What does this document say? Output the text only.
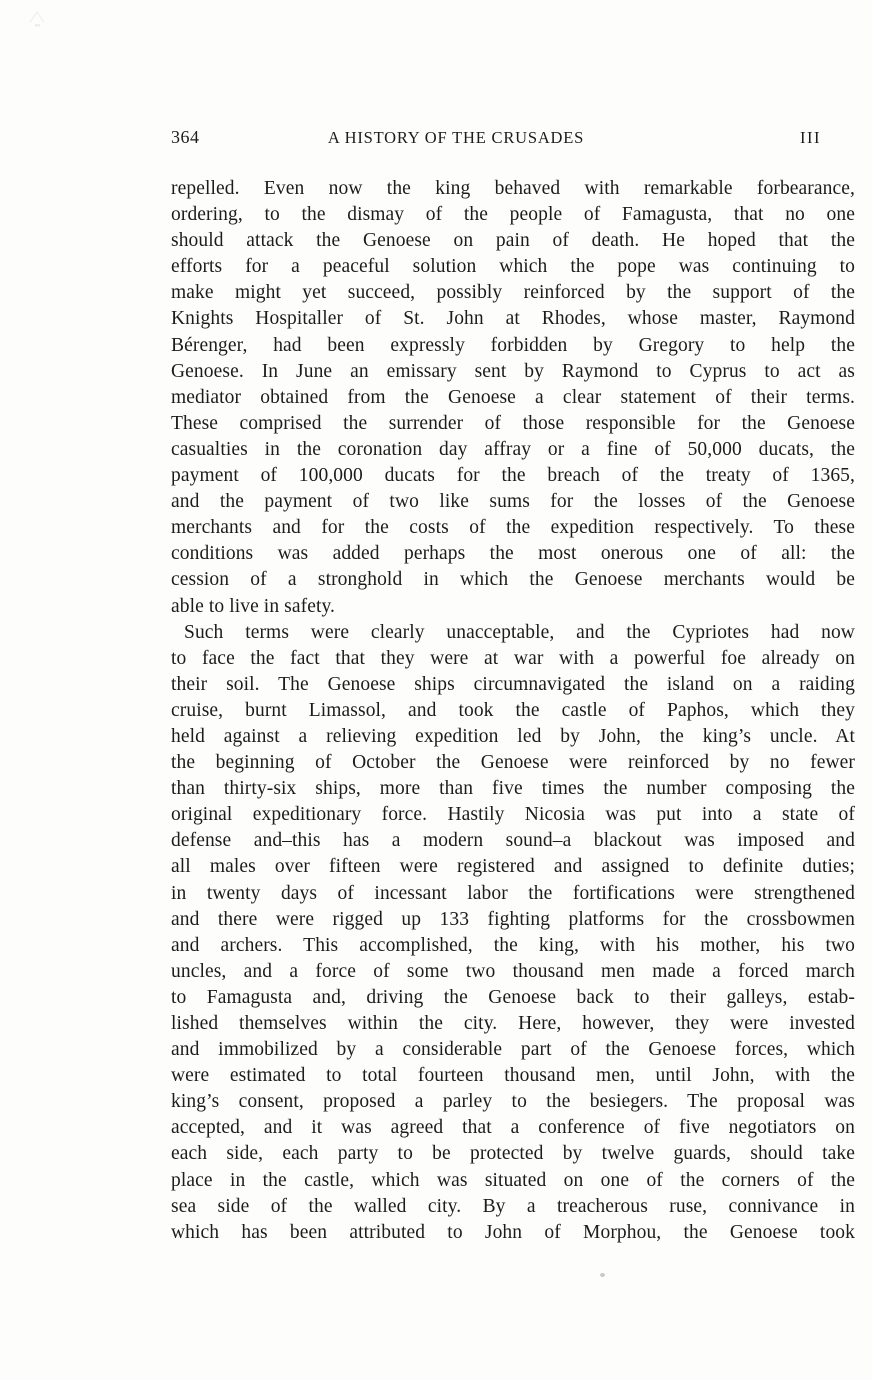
364	A HISTORY OF THE CRUSADES	III
repelled. Even now the king behaved with remarkable forbearance,
ordering, to the dismay of the people of Famagusta, that no one
should attack the Genoese on pain of death. He hoped that the
efforts for a peaceful solution which the pope was continuing to
make might yet succeed, possibly reinforced by the support of the
Knights Hospitaller of St. John at Rhodes, whose master, Raymond
Bérenger, had been expressly forbidden by Gregory to help the
Genoese. In June an emissary sent by Raymond to Cyprus to act as
mediator obtained from the Genoese a clear statement of their terms.
These comprised the surrender of those responsible for the Genoese
casualties in the coronation day affray or a fine of 50,000 ducats, the
payment of 100,000 ducats for the breach of the treaty of 1365,
and the payment of two like sums for the losses of the Genoese
merchants and for the costs of the expedition respectively. To these
conditions was added perhaps the most onerous one of all: the
cession of a stronghold in which the Genoese merchants would be
able to live in safety.
Such terms were clearly unacceptable, and the Cypriotes had now
to face the fact that they were at war with a powerful foe already on
their soil. The Genoese ships circumnavigated the island on a raiding
cruise, burnt Limassol, and took the castle of Paphos, which they
held against a relieving expedition led by John, the king’s uncle. At
the beginning of October the Genoese were reinforced by no fewer
than thirty-six ships, more than five times the number composing the
original expeditionary force. Hastily Nicosia was put into a state of
defense and–this has a modern sound–a blackout was imposed and
all males over fifteen were registered and assigned to definite duties;
in twenty days of incessant labor the fortifications were strengthened
and there were rigged up 133 fighting platforms for the crossbowmen
and archers. This accomplished, the king, with his mother, his two
uncles, and a force of some two thousand men made a forced march
to Famagusta and, driving the Genoese back to their galleys, estab-
lished themselves within the city. Here, however, they were invested
and immobilized by a considerable part of the Genoese forces, which
were estimated to total fourteen thousand men, until John, with the
king’s consent, proposed a parley to the besiegers. The proposal was
accepted, and it was agreed that a conference of five negotiators on
each side, each party to be protected by twelve guards, should take
place in the castle, which was situated on one of the corners of the
sea side of the walled city. By a treacherous ruse, connivance in
which has been attributed to John of Morphou, the Genoese took
